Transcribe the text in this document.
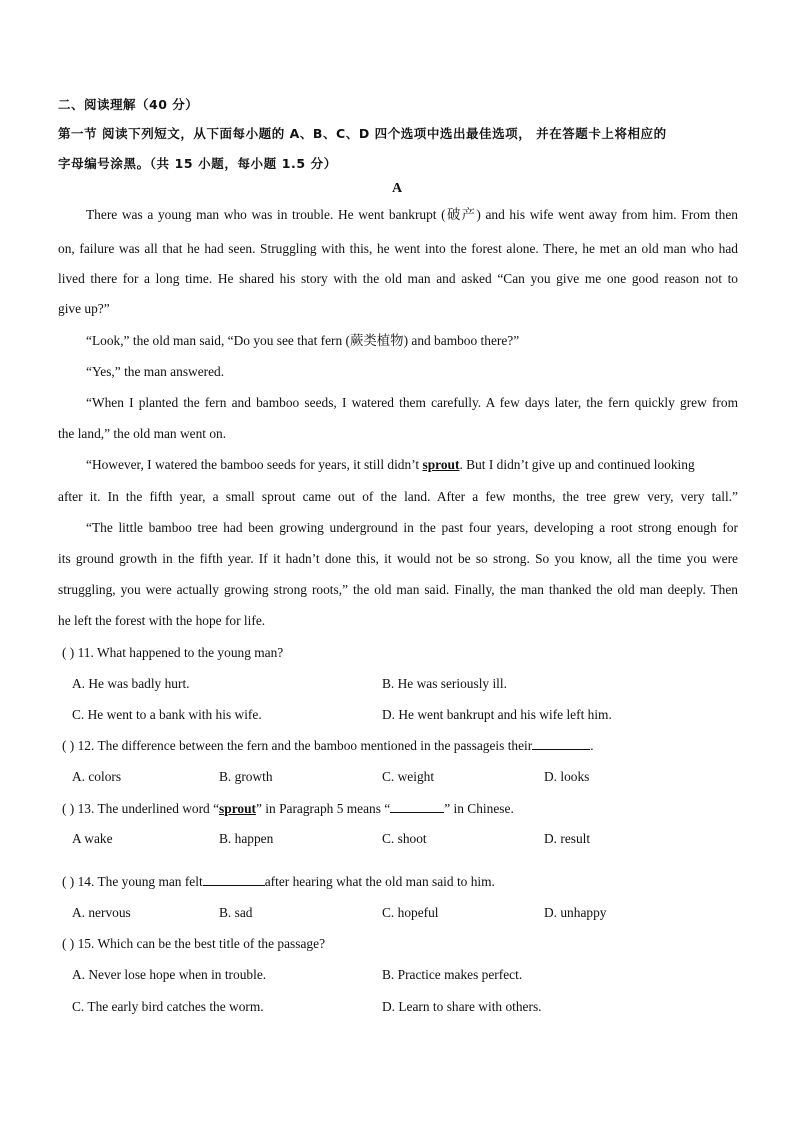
二、阅读理解（40 分）
第一节 阅读下列短文，从下面每小题的 A、B、C、D 四个选项中选出最佳选项， 并在答题卡上将相应的
字母编号涂黑。（共 15 小题，每小题 1.5 分）
A
There was a young man who was in trouble. He went bankrupt (破产) and his wife went away from him. From then
on, failure was all that he had seen. Struggling with this, he went into the forest alone. There, he met an old man who had
lived there for a long time. He shared his story with the old man and asked “Can you give me one good reason not to
give up?”
“Look,” the old man said, “Do you see that fern (蕨类植物) and bamboo there?”
“Yes,” the man answered.
“When I planted the fern and bamboo seeds, I watered them carefully. A few days later, the fern quickly grew from
the land,” the old man went on.
“However, I watered the bamboo seeds for years, it still didn’t sprout. But I didn’t give up and continued looking
after it. In the fifth year, a small sprout came out of the land. After a few months, the tree grew very, very tall.”
“The little bamboo tree had been growing underground in the past four years, developing a root strong enough for
its ground growth in the fifth year. If it hadn’t done this, it would not be so strong. So you know, all the time you were
struggling, you were actually growing strong roots,” the old man said. Finally, the man thanked the old man deeply. Then
he left the forest with the hope for life.
( ) 11. What happened to the young man?
A. He was badly hurt.	B. He was seriously ill.
C. He went to a bank with his wife.	D. He went bankrupt and his wife left him.
( ) 12. The difference between the fern and the bamboo mentioned in the passageis their	.
A. colors	B. growth	C. weight	D. looks
( ) 13. The underlined word “sprout” in Paragraph 5 means “	” in Chinese.
A wake	B. happen	C. shoot	D. result
( ) 14. The young man felt	after hearing what the old man said to him.
A. nervous	B. sad	C. hopeful	D. unhappy
( ) 15. Which can be the best title of the passage?
A. Never lose hope when in trouble.	B. Practice makes perfect.
C. The early bird catches the worm.	D. Learn to share with others.
